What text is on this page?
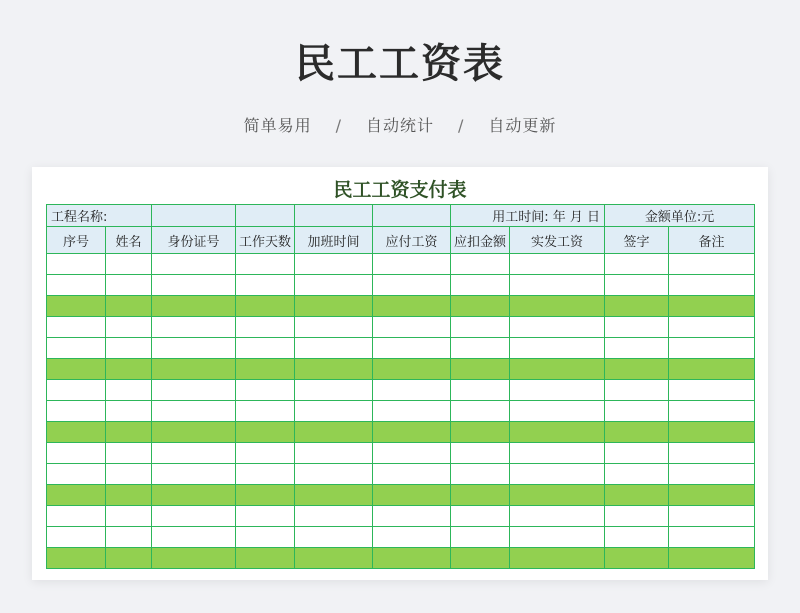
民工工资表
简单易用 / 自动统计 / 自动更新
民工工资支付表
工程名称:						用工时间: 年 月 日		金额单位:元	
序号	姓名	身份证号	工作天数	加班时间	应付工资	应扣金额	实发工资	签字	备注
